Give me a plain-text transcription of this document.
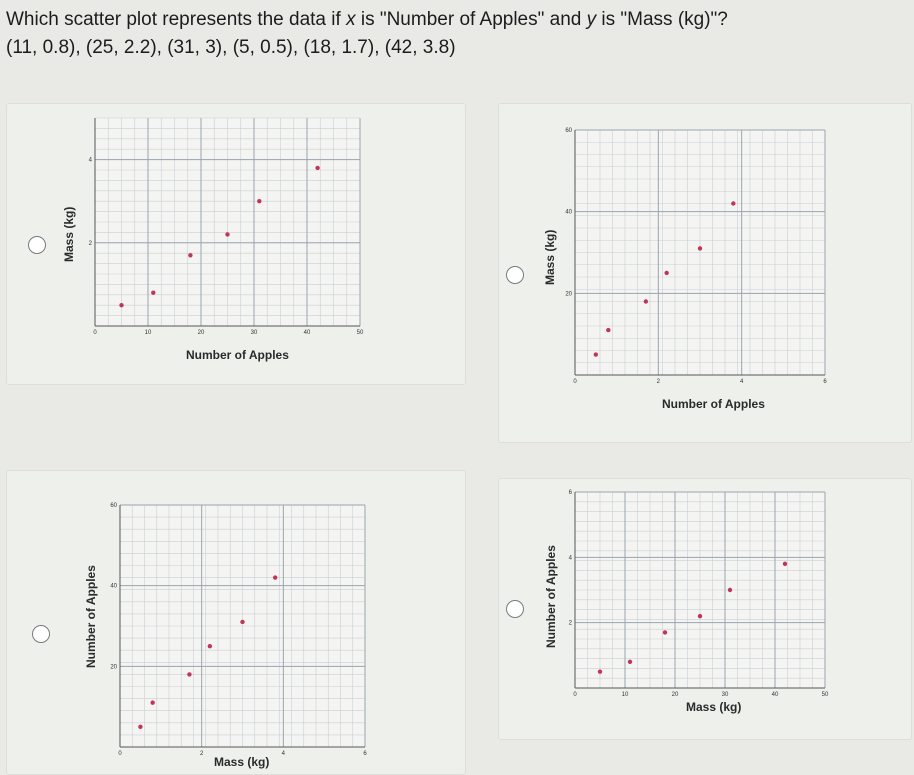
Which scatter plot represents the data if x is "Number of Apples" and y is "Mass (kg)"?
(11, 0.8), (25, 2.2), (31, 3), (5, 0.5), (18, 1.7), (42, 3.8)
0	10	20	30	40	50
2
4
Mass (kg)
Number of Apples
0	2	4	6
20
40
60
Mass (kg)
Number of Apples
0	2	4	6
20
40
60
Number of Apples
Mass (kg)
0	10	20	30	40	50
2
4
6
Number of Apples
Mass (kg)
